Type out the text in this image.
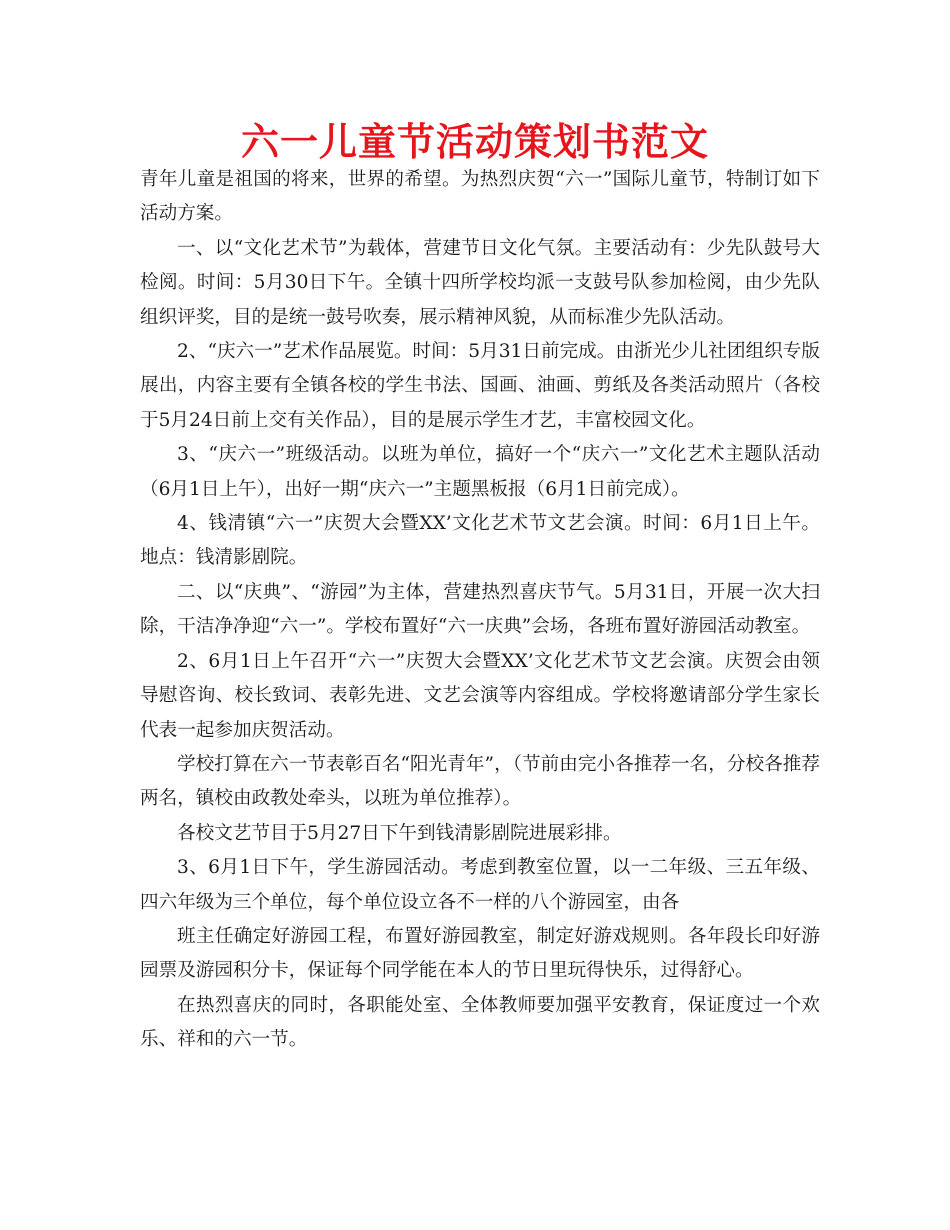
六一儿童节活动策划书范文

青年儿童是祖国的将来，世界的希望。为热烈庆贺“六一”国际儿童节，特制订如下活动方案。

一、以“文化艺术节”为载体，营建节日文化气氛。主要活动有：少先队鼓号大检阅。时间：5月30日下午。全镇十四所学校均派一支鼓号队参加检阅，由少先队组织评奖，目的是统一鼓号吹奏，展示精神风貌，从而标准少先队活动。

2、“庆六一”艺术作品展览。时间：5月31日前完成。由浙光少儿社团组织专版展出，内容主要有全镇各校的学生书法、国画、油画、剪纸及各类活动照片（各校于5月24日前上交有关作品），目的是展示学生才艺，丰富校园文化。

3、“庆六一”班级活动。以班为单位，搞好一个“庆六一”文化艺术主题队活动（6月1日上午），出好一期“庆六一”主题黑板报（6月1日前完成）。

4、钱清镇“六一”庆贺大会暨XX’文化艺术节文艺会演。时间：6月1日上午。地点：钱清影剧院。

二、以“庆典”、“游园”为主体，营建热烈喜庆节气。5月31日，开展一次大扫除，干洁净净迎“六一”。学校布置好“六一庆典”会场，各班布置好游园活动教室。

2、6月1日上午召开“六一”庆贺大会暨XX’文化艺术节文艺会演。庆贺会由领导慰咨询、校长致词、表彰先进、文艺会演等内容组成。学校将邀请部分学生家长代表一起参加庆贺活动。

学校打算在六一节表彰百名“阳光青年”，（节前由完小各推荐一名，分校各推荐两名，镇校由政教处牵头，以班为单位推荐）。

各校文艺节目于5月27日下午到钱清影剧院进展彩排。

3、6月1日下午，学生游园活动。考虑到教室位置，以一二年级、三五年级、四六年级为三个单位，每个单位设立各不一样的八个游园室，由各

班主任确定好游园工程，布置好游园教室，制定好游戏规则。各年段长印好游园票及游园积分卡，保证每个同学能在本人的节日里玩得快乐，过得舒心。

在热烈喜庆的同时，各职能处室、全体教师要加强平安教育，保证度过一个欢乐、祥和的六一节。
